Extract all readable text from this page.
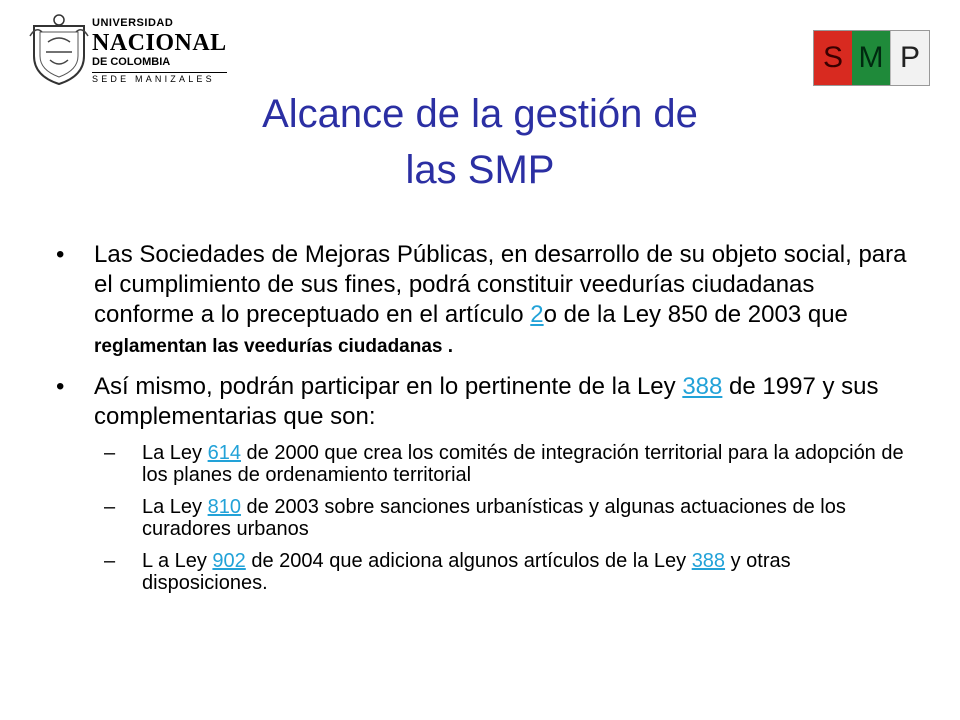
UNIVERSIDAD
NACIONAL
DE COLOMBIA
SEDE MANIZALES
S M P
Alcance de la gestión de
las SMP
• Las Sociedades de Mejoras Públicas, en desarrollo de su objeto social, para el cumplimiento de sus fines, podrá constituir veedurías ciudadanas conforme a lo preceptuado en el artículo 2o de la Ley 850 de 2003 que
reglamentan las veedurías ciudadanas .
• Así mismo, podrán participar en lo pertinente de la Ley 388 de 1997 y sus complementarias que son:
– La Ley 614 de 2000 que crea los comités de integración territorial para la adopción de los planes de ordenamiento territorial
– La Ley 810 de 2003 sobre sanciones urbanísticas y algunas actuaciones de los curadores urbanos
– L a Ley 902 de 2004 que adiciona algunos artículos de la Ley 388 y otras disposiciones.
